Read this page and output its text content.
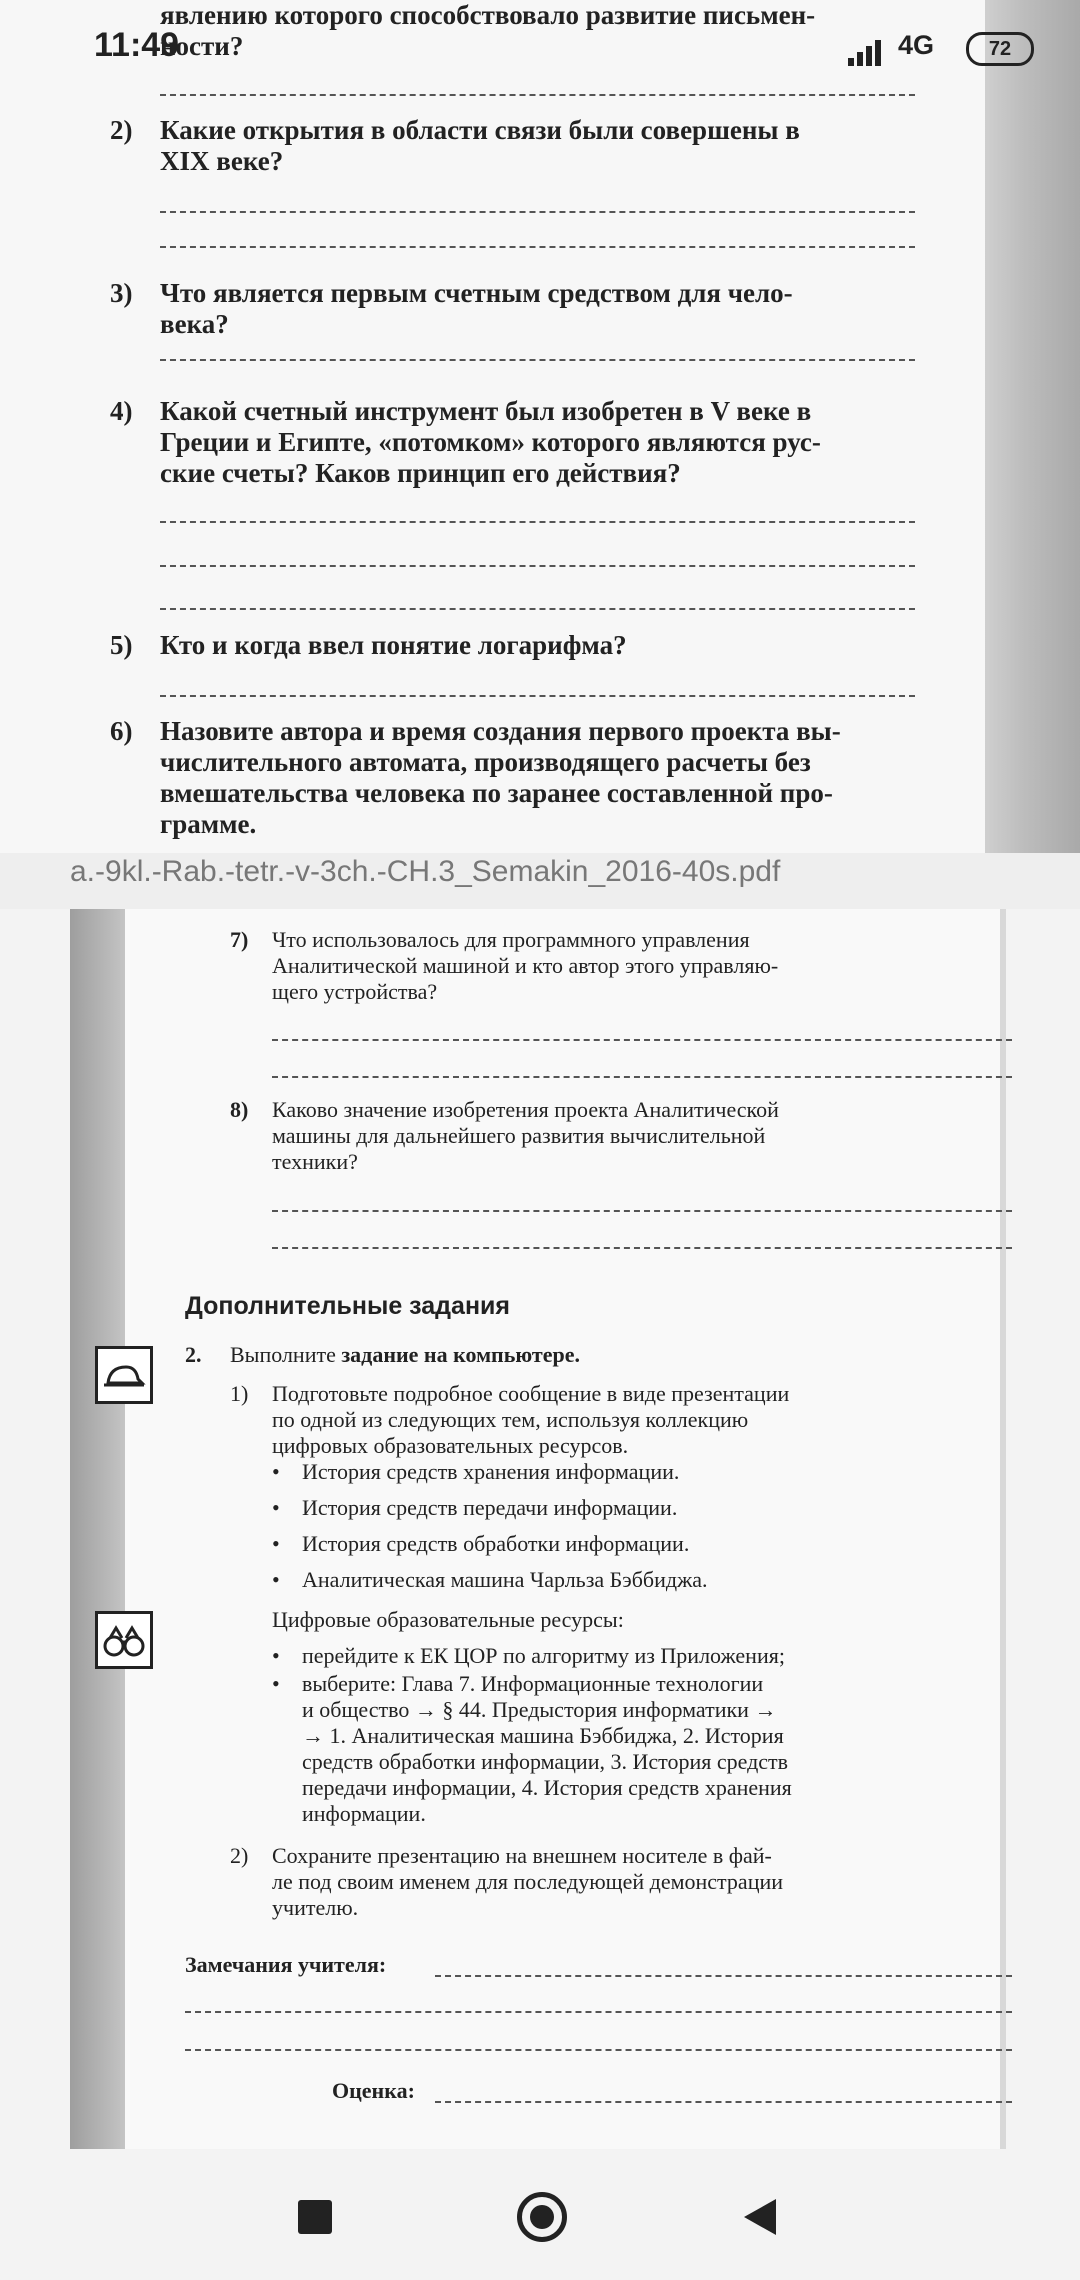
11:49	4G	72
явлению которого способствовало развитие письмен-
ности?
2) Какие открытия в области связи были совершены в
XIX веке?
3) Что является первым счетным средством для чело-
века?
4) Какой счетный инструмент был изобретен в V веке в
Греции и Египте, «потомком» которого являются рус-
ские счеты? Каков принцип его действия?
5) Кто и когда ввел понятие логарифма?
6) Назовите автора и время создания первого проекта вы-
числительного автомата, производящего расчеты без
вмешательства человека по заранее составленной про-
грамме.
a.-9kl.-Rab.-tetr.-v-3ch.-CH.3_Semakin_2016-40s.pdf
7) Что использовалось для программного управления
Аналитической машиной и кто автор этого управляю-
щего устройства?
8) Каково значение изобретения проекта Аналитической
машины для дальнейшего развития вычислительной
техники?
Дополнительные задания
2. Выполните задание на компьютере.
1) Подготовьте подробное сообщение в виде презентации
по одной из следующих тем, используя коллекцию
цифровых образовательных ресурсов.
• История средств хранения информации.
• История средств передачи информации.
• История средств обработки информации.
• Аналитическая машина Чарльза Бэббиджа.
Цифровые образовательные ресурсы:
• перейдите к ЕК ЦОР по алгоритму из Приложения;
• выберите: Глава 7. Информационные технологии
и общество → § 44. Предыстория информатики →
→ 1. Аналитическая машина Бэббиджа, 2. История
средств обработки информации, 3. История средств
передачи информации, 4. История средств хранения
информации.
2) Сохраните презентацию на внешнем носителе в фай-
ле под своим именем для последующей демонстрации
учителю.
Замечания учителя:
Оценка:
